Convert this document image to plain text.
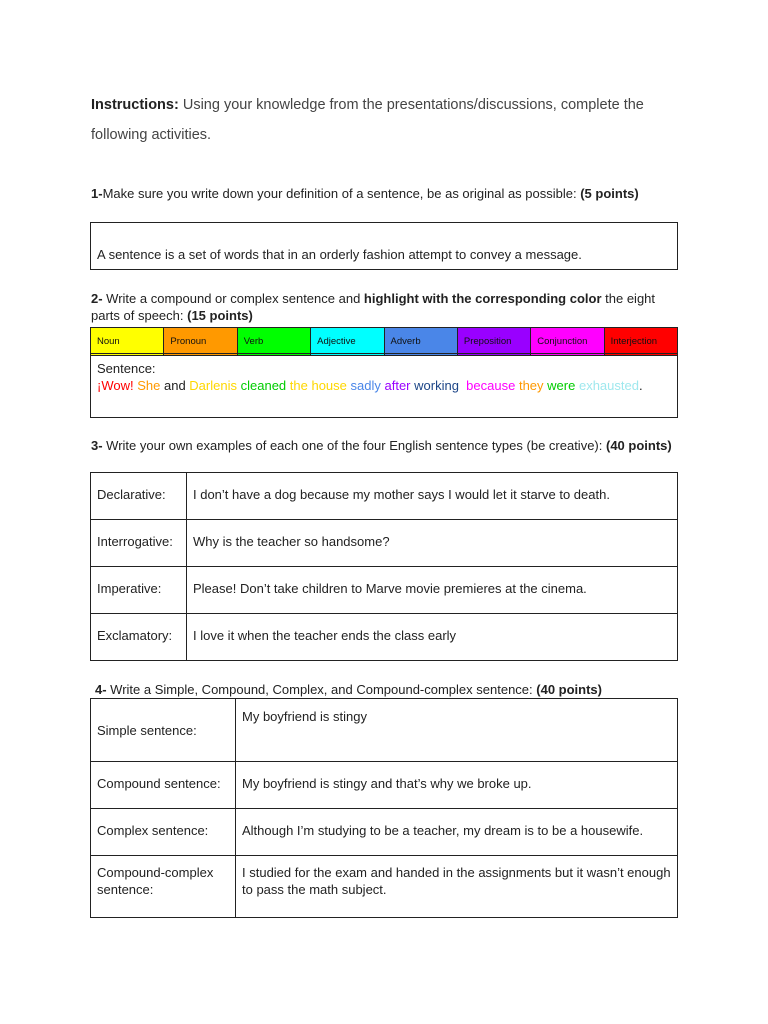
Instructions: Using your knowledge from the presentations/discussions, complete the following activities.
1-Make sure you write down your definition of a sentence, be as original as possible: (5 points)
A sentence is a set of words that in an orderly fashion attempt to convey a message.
2- Write a compound or complex sentence and highlight with the corresponding color the eight parts of speech: (15 points)
Noun	Pronoun	Verb	Adjective	Adverb	Preposition	Conjunction	Interjection
Sentence:
¡Wow! She and Darlenis cleaned the house sadly after working because they were exhausted.
3- Write your own examples of each one of the four English sentence types (be creative): (40 points)
Declarative:	I don’t have a dog because my mother says I would let it starve to death.
Interrogative:	Why is the teacher so handsome?
Imperative:	Please! Don’t take children to Marve movie premieres at the cinema.
Exclamatory:	I love it when the teacher ends the class early
4- Write a Simple, Compound, Complex, and Compound-complex sentence: (40 points)
Simple sentence:	My boyfriend is stingy
Compound sentence:	My boyfriend is stingy and that’s why we broke up.
Complex sentence:	Although I’m studying to be a teacher, my dream is to be a housewife.
Compound-complex sentence:	I studied for the exam and handed in the assignments but it wasn’t enough to pass the math subject.
